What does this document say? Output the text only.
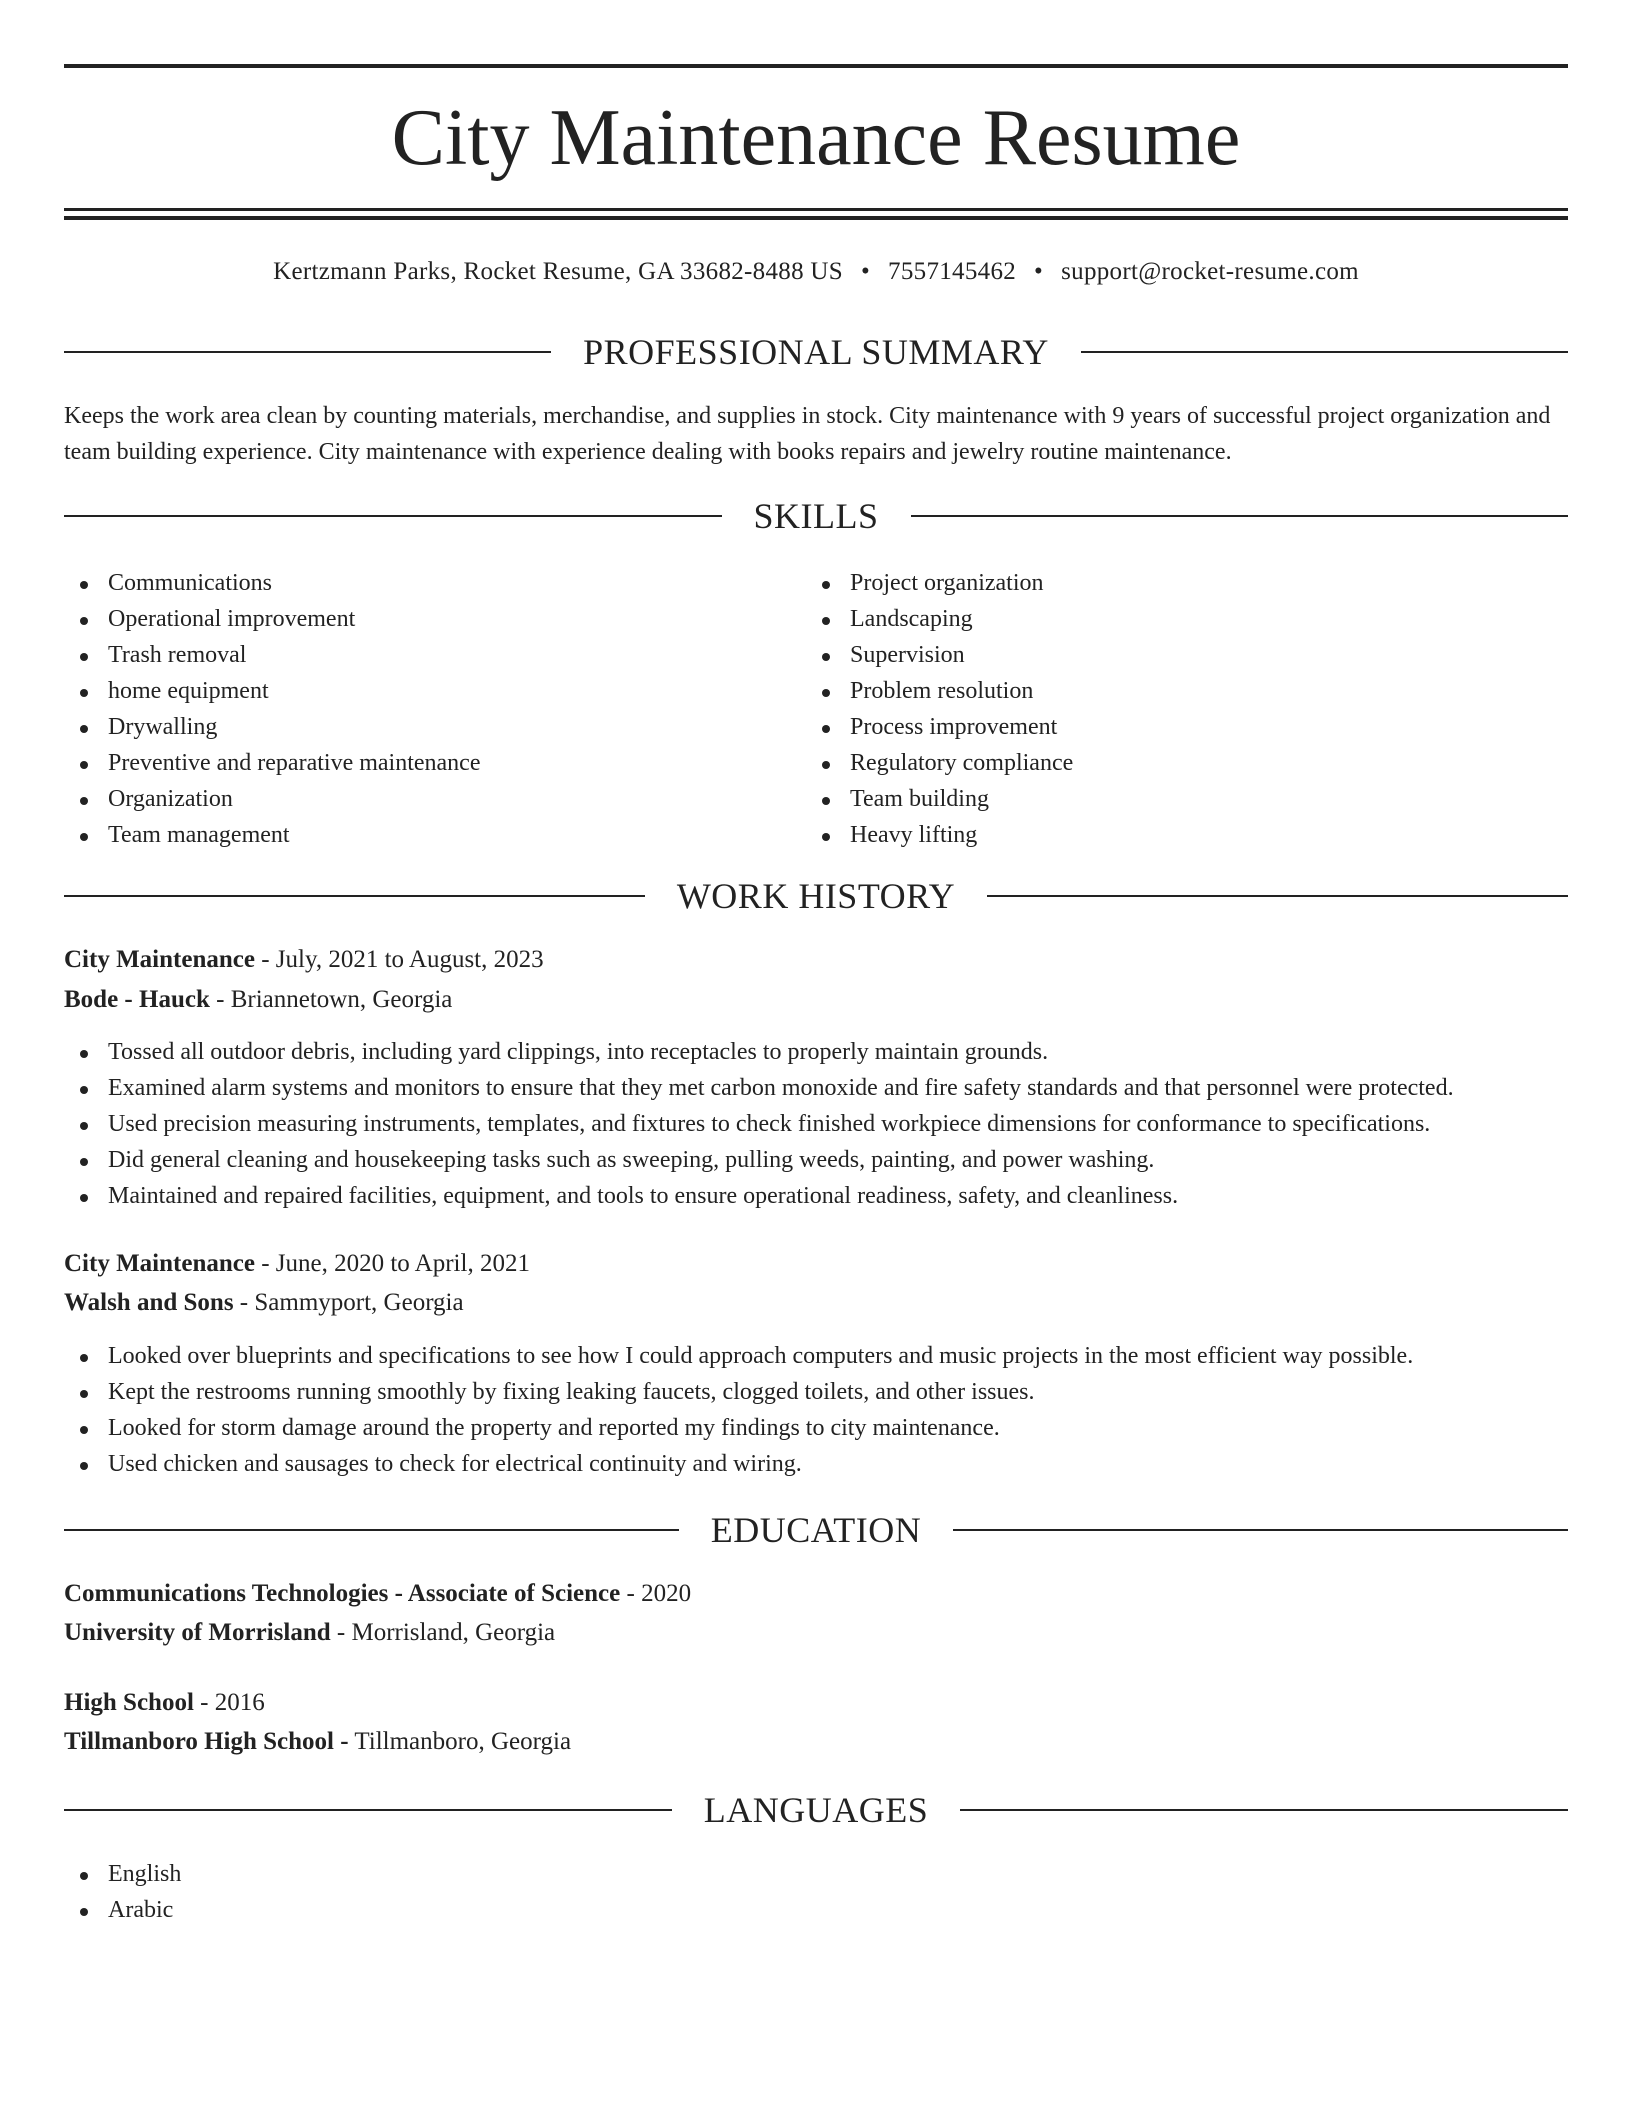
City Maintenance Resume
Kertzmann Parks, Rocket Resume, GA 33682-8488 US • 7557145462 • support@rocket-resume.com
PROFESSIONAL SUMMARY

Keeps the work area clean by counting materials, merchandise, and supplies in stock. City maintenance with 9 years of successful project organization and team building experience. City maintenance with experience dealing with books repairs and jewelry routine maintenance.

SKILLS
Communications
Operational improvement
Trash removal
home equipment
Drywalling
Preventive and reparative maintenance
Organization
Team management
Project organization
Landscaping
Supervision
Problem resolution
Process improvement
Regulatory compliance
Team building
Heavy lifting
WORK HISTORY
City Maintenance - July, 2021 to August, 2023
Bode - Hauck - Briannetown, Georgia
Tossed all outdoor debris, including yard clippings, into receptacles to properly maintain grounds.
Examined alarm systems and monitors to ensure that they met carbon monoxide and fire safety standards and that personnel were protected.
Used precision measuring instruments, templates, and fixtures to check finished workpiece dimensions for conformance to specifications.
Did general cleaning and housekeeping tasks such as sweeping, pulling weeds, painting, and power washing.
Maintained and repaired facilities, equipment, and tools to ensure operational readiness, safety, and cleanliness.
City Maintenance - June, 2020 to April, 2021
Walsh and Sons - Sammyport, Georgia
Looked over blueprints and specifications to see how I could approach computers and music projects in the most efficient way possible.
Kept the restrooms running smoothly by fixing leaking faucets, clogged toilets, and other issues.
Looked for storm damage around the property and reported my findings to city maintenance.
Used chicken and sausages to check for electrical continuity and wiring.
EDUCATION
Communications Technologies - Associate of Science - 2020
University of Morrisland - Morrisland, Georgia
High School - 2016
Tillmanboro High School - Tillmanboro, Georgia
LANGUAGES
English
Arabic
